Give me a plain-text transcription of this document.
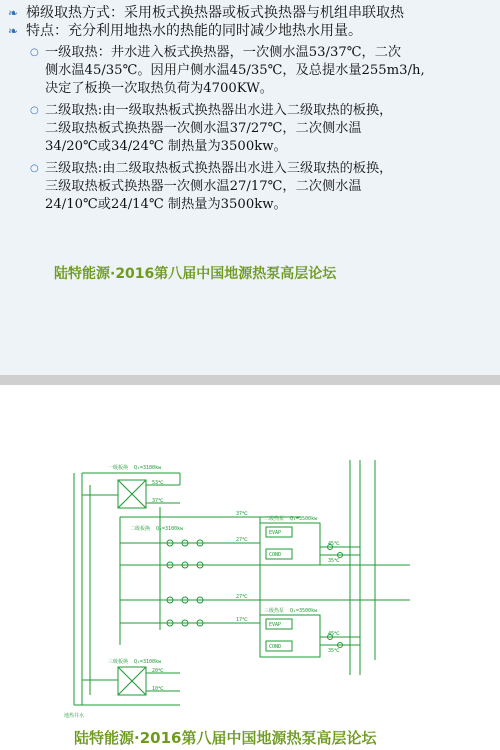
❧ 梯级取热方式：采用板式换热器或板式换热器与机组串联取热
❧ 特点：充分利用地热水的热能的同时减少地热水用量。
○ 一级取热：井水进入板式换热器，一次侧水温53/37℃，二次
侧水温45/35℃。因用户侧水温45/35℃，及总提水量255m3/h,
决定了板换一次取热负荷为4700KW。
○ 二级取热:由一级取热板式换热器出水进入二级取热的板换，
二级取热板式换热器一次侧水温37/27℃，二次侧水温
34/20℃或34/24℃ 制热量为3500kw。
○ 三级取热:由二级取热板式换热器出水进入三级取热的板换，
三级取热板式换热器一次侧水温27/17℃，二次侧水温
24/10℃或24/14℃ 制热量为3500kw。
陆特能源·2016第八届中国地源热泵高层论坛
一级板换 Q₁=3100kw
二级板换 Q₁=3100kw
三级板换 Q₁=3100kw
二级热泵 Q₁=3500kw
三级热泵 Q₁=3500kw
EVAP
COND
EVAP
COND
53℃
37℃
37℃
27℃
27℃
17℃
45℃
35℃
45℃
35℃
20℃
10℃
地热井水
陆特能源·2016第八届中国地源热泵高层论坛
